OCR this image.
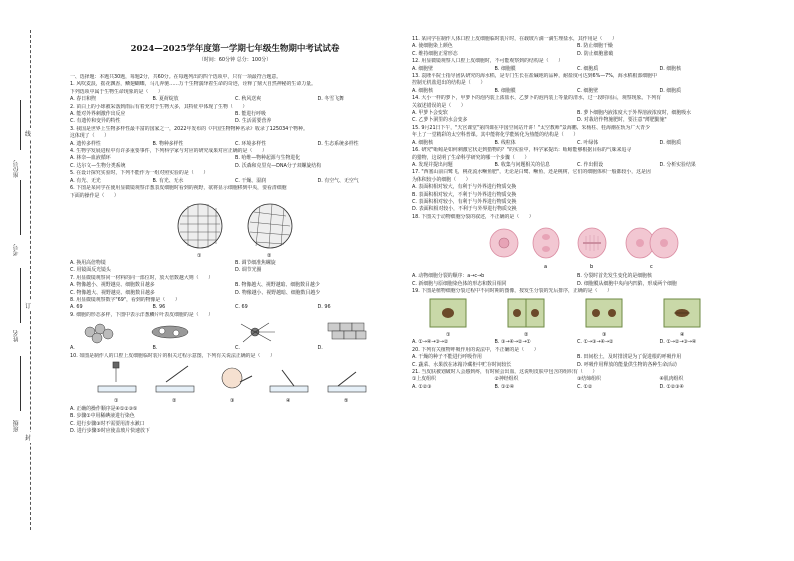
座位号
考号
姓名
班级
线
订
封
2024—2025学年度第一学期七年级生物期中考试试卷
（时间：60分钟 总分：100分）

一、选择题：本题共30题，每题2分，共60分。在每题列出的四个选项中，只有一项最符合题意。

1. 风吹麦浪，摇花飘香，鳞翅蝴蝶，马儿奔驰……万千生物演绎着生命的奇迹，诠释了鼎大自然神秘的生命力量。

下列选项中属于生物生命现象的是（　　）

A. 春日和煦	B. 夏荷绽放	C. 秋风送爽	D. 冬雪飞舞

2. 苗白上的小球被采落到雨后有着充对于生物大多，其特征中体现了生物（　　）

A. 能对外界刺激作出反应	B. 能进行呼吸
C. 有遗传和变异的特性	D. 生活需要营养

3. 我国是世界上生物多样性最丰富的国家之一，2022年发布的《中国生物物种名录》收录了125034个物种。

这体现了（　　）
A. 遗传多样性	B. 物种多样性	C. 环境多样性	D. 生态系统多样性

4. 生物学发展进程中有许多重要事件，下列科学家与对应的研究成果对应正确的是（　　）

A. 林奈—血液循环	B. 哈维—物种起源与生物进化
C. 达尔文—生物分类系统	D. 沃森和克里克—DNA分子双螺旋结构

5. 在设计探究实验时，下列不能作为一组对照实验的是（　　）

A. 有光、无光	B. 有光、无水	C. 干燥、湿润	D. 有空气、无空气

6. 下图是某同学在使用显微镜观察洋葱表皮细胞时看到的视野，欲将显示细胞移到中央，要看清细胞

下面的操作是（　　）
①	②
A. 换用高倍物镜	B. 调节细准焦螺旋
C. 用镜面反光镜头	D. 调节光圈

7. 用显微镜观察同一材料的同一部位时，放大倍数越大则（　　）

A. 物像越小、视野越亮、细胞数目越多	B. 物像越大、视野越暗、细胞数目越少
C. 物像越大、视野越亮、细胞数目越多	D. 物像越小、视野越暗、细胞数目越少

8. 用显微镜观察数字"69"，看到的物像是（　　）

A. 69	B. 96	C. 69	D. 96

9. 细胞的形态多样，下图中表示洋葱鳞片叶表皮细胞的是（　　）

A.	B.	C.	D.

10. 如图是制作人的口腔上皮细胞临时装片的相关过程示意图，下列有关说法正确的是（　　）

①	②	③	④	⑤
A. 正确的操作顺序是④①②③⑤
B. 步骤①中用稀碘液进行染色
C. 进行步骤③时不需要用清水漱口
D. 进行步骤⑤时应使盖玻片快速放下

11. 某同学在制作人体口腔上皮细胞临时装片时，在载玻片滴一滴生理盐水，其作用是（　　）

A. 使细胞染上颜色	B. 防止细胞干燥
C. 维持细胞正常形态	D. 防止细胞涨破

12. 用显微镜观察人口腔上皮细胞时，不可能观察到的结构是（　　）

A. 细胞壁	B. 细胞膜	C. 细胞质	D. 细胞核

13. 袁隆平院士指导团队研究的海水稻，是专门生长在盐碱地的品种，耐盐度可达到6%—7%，海水稻根部细胞中

控制无机盐进出的结构是（　　）
A. 细胞核	B. 细胞膜	C. 细胞壁	D. 细胞质

14. 大小一样的萝卜，甲萝卜的泡内装上浓盐水，乙萝卜的泡内装上等量的清水，过一段时间后，观察现象。下列有

关叙述错误的是（　　）
A. 甲萝卜会变软	B. 萝卜细胞内液浓度大于外界溶液浓度时，细胞吸水
C. 乙萝卜洞里的水会变多	D. 对栽培作物施肥时，要注意"薄肥勤施"

15. 9月21日下午，"天宫课堂"第四课在中国空间站开讲！"太空教师"景海鹏、朱杨柱、桂海潮在轨为广大青少

年上了一堂精彩的太空科普课。其中能将化学能转化为热能的结构是（　　）
A. 细胞核	B. 线粒体	C. 叶绿体	D. 细胞质

16. 研究"蚯蚓是如何刺激它状走到猎物的？"的实验中，科学家提出：蚯蚓能够根据目标的气味来追寻

的猎物，这说明了生命科学研究的哪一个步骤（　　）
A. 发现并提出问题	B. 收集与问题相关的信息	C. 作出假设	D. 分析实验结果

17. "西塞山前白鹭飞，桃花流水鳜鱼肥"，无论是白鹭、鳜鱼，还是桃树，它们的细胞体积一般都较小，这是因

为体积较小的细胞（　　）
A. 表面积相对较大，有利于与外界进行物质交换
B. 表面积相对较大，不利于与外界进行物质交换
C. 表面积相对较小，有利于与外界进行物质交换
D. 表面积相对较小，不利于与外界进行物质交换

18. 下图关于动物细胞分裂的叙述，不正确的是（　　）

a	b	c
A. 动物细胞分裂的顺序：a→c→b	B. 分裂时首先发生变化的是细胞核
C. 新细胞与原细胞染色体的形态和数目相同	D. 细胞膜从细胞中央向内凹陷，形成两个细胞

19. 下图是植物细胞分裂过程中不同时期的图像，按发生分裂的先后排序，正确的是（　　）

①	②	③	④
A. ①→④→③→②	B. ③→④→②→①	C. ①→③→④→②	D. ①→②→③→④

20. 下列有关植物呼吸作用的说法中，不正确的是（　　）

A. 干燥的种子不能进行呼吸作用	B. 田间松土，及时排涝是为了促进根的呼吸作用
C. 蔬菜、水果放在冰箱冷藏柜中贮存时间较长	D. 呼吸作用释放的能量供生物的各种生命活动

21. 当皮肤被划破时人会感到疼，有时候会出血，这说明皮肤中包含的组织有（　　）

①上皮组织	②神经组织	③结缔组织	④肌肉组织
A. ①②③	B. ①②④	C. ①②	D. ①②③④
